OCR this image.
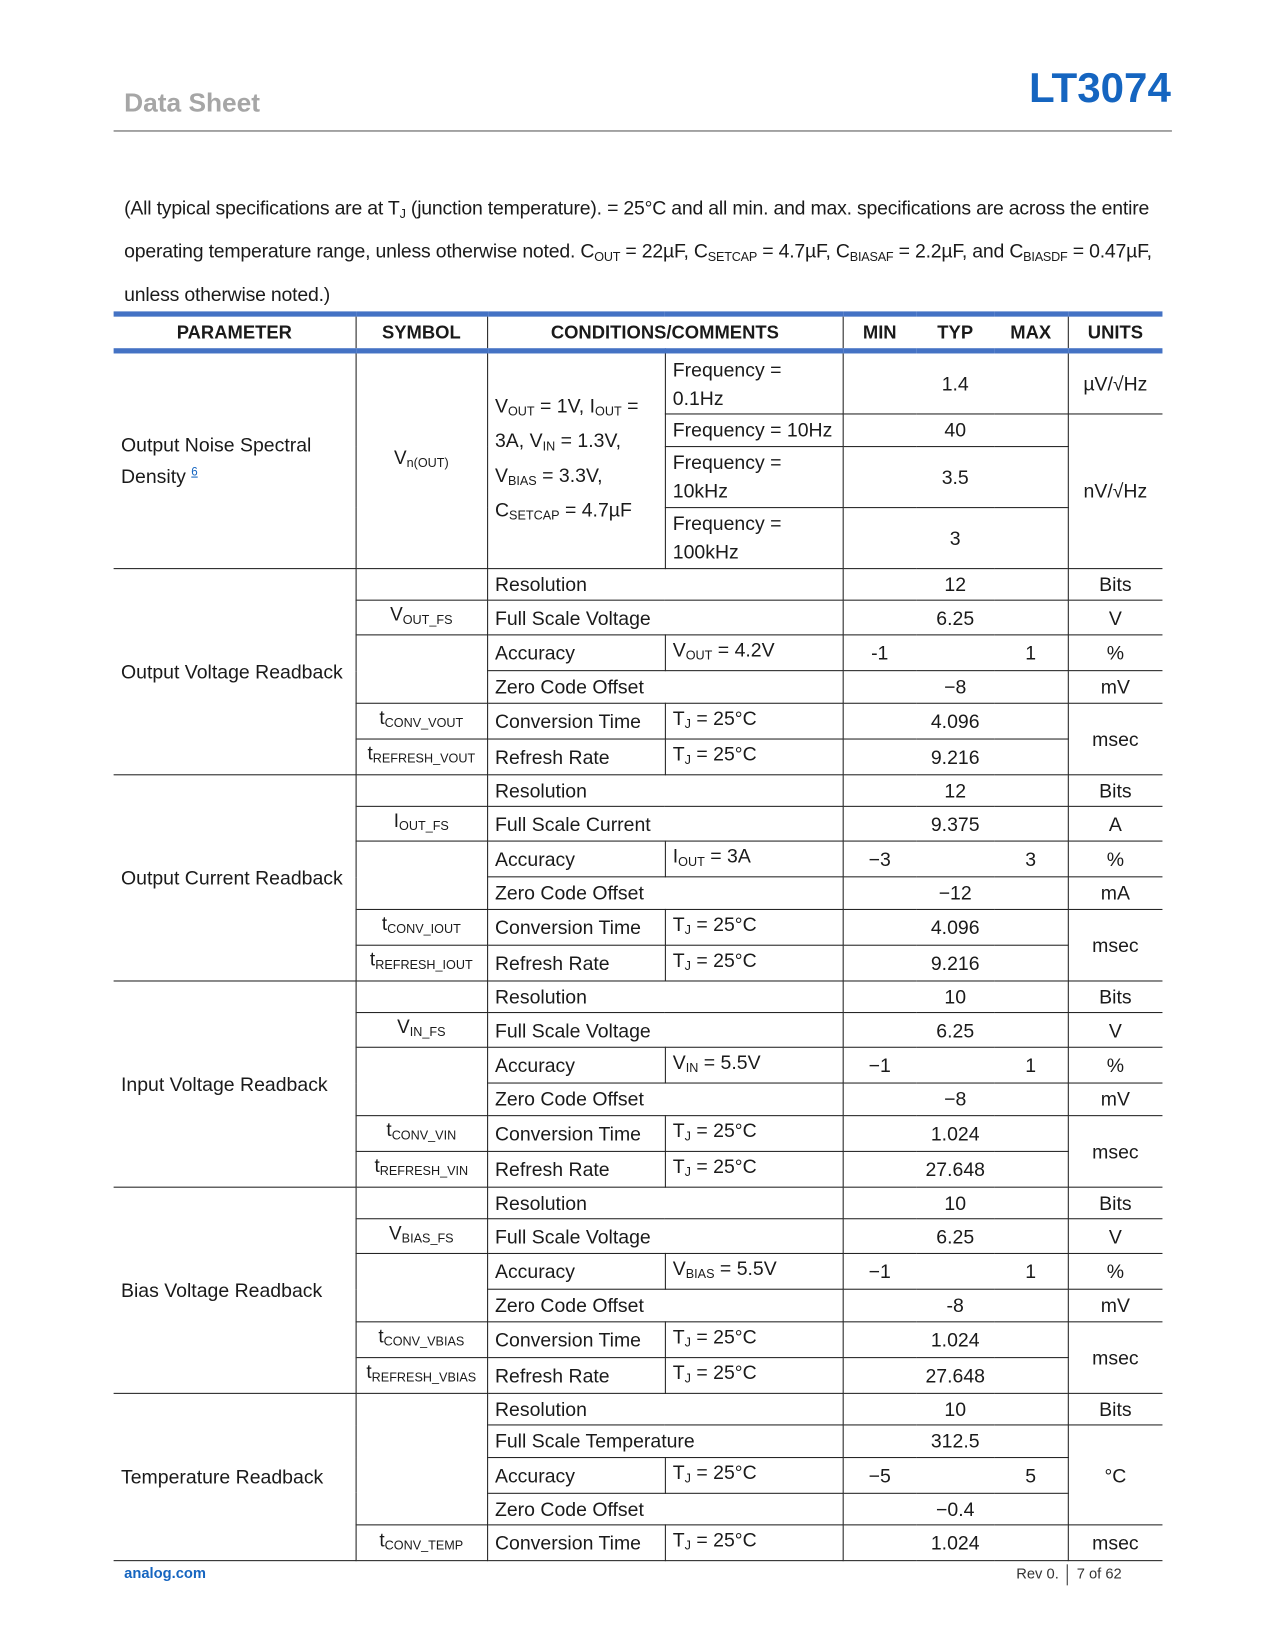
Data Sheet	LT3074
(All typical specifications are at $T_J$ (junction temperature). = 25°C and all min. and max. specifications are across the entire operating temperature range, unless otherwise noted. $C_{OUT} = 22\mu F$, $C_{SETCAP} = 4.7\mu F$, $C_{BIASAF} = 2.2\mu F$, and $C_{BIASDF} = 0.47\mu F$, unless otherwise noted.)
PARAMETER	SYMBOL	CONDITIONS/COMMENTS		MIN	TYP	MAX	UNITS
Output Noise Spectral Density $^6$	$V_{n(OUT)}$	$V_{OUT} = 1V$, $I_{OUT} = 3A$, $V_{IN} = 1.3V$, $V_{BIAS} = 3.3V$, $C_{SETCAP} = 4.7\mu F$	Frequency = 0.1Hz		1.4		µV/√Hz
			Frequency = 10Hz		40		nV/√Hz
			Frequency = 10kHz		3.5		
			Frequency = 100kHz		3		
Output Voltage Readback		Resolution			12		Bits
	$V_{OUT\_FS}$	Full Scale Voltage			6.25		V
		Accuracy	$V_{OUT} = 4.2V$	-1		1	%
		Zero Code Offset			−8		mV
	$t_{CONV\_VOUT}$	Conversion Time	$T_J = 25^\circ C$		4.096		msec
	$t_{REFRESH\_VOUT}$	Refresh Rate	$T_J = 25^\circ C$		9.216		
Output Current Readback		Resolution			12		Bits
	$I_{OUT\_FS}$	Full Scale Current			9.375		A
		Accuracy	$I_{OUT} = 3A$	−3		3	%
		Zero Code Offset			−12		mA
	$t_{CONV\_IOUT}$	Conversion Time	$T_J = 25^\circ C$		4.096		msec
	$t_{REFRESH\_IOUT}$	Refresh Rate	$T_J = 25^\circ C$		9.216		
Input Voltage Readback		Resolution			10		Bits
	$V_{IN\_FS}$	Full Scale Voltage			6.25		V
		Accuracy	$V_{IN} = 5.5V$	−1		1	%
		Zero Code Offset			−8		mV
	$t_{CONV\_VIN}$	Conversion Time	$T_J = 25^\circ C$		1.024		msec
	$t_{REFRESH\_VIN}$	Refresh Rate	$T_J = 25^\circ C$		27.648		
Bias Voltage Readback		Resolution			10		Bits
	$V_{BIAS\_FS}$	Full Scale Voltage			6.25		V
		Accuracy	$V_{BIAS} = 5.5V$	−1		1	%
		Zero Code Offset			-8		mV
	$t_{CONV\_VBIAS}$	Conversion Time	$T_J = 25^\circ C$		1.024		msec
	$t_{REFRESH\_VBIAS}$	Refresh Rate	$T_J = 25^\circ C$		27.648		
Temperature Readback		Resolution			10		Bits
		Full Scale Temperature			312.5		°C
		Accuracy	$T_J = 25^\circ C$	−5		5	
		Zero Code Offset			−0.4		
	$t_{CONV\_TEMP}$	Conversion Time	$T_J = 25^\circ C$		1.024		msec
analog.com	Rev 0. 7 of 62
